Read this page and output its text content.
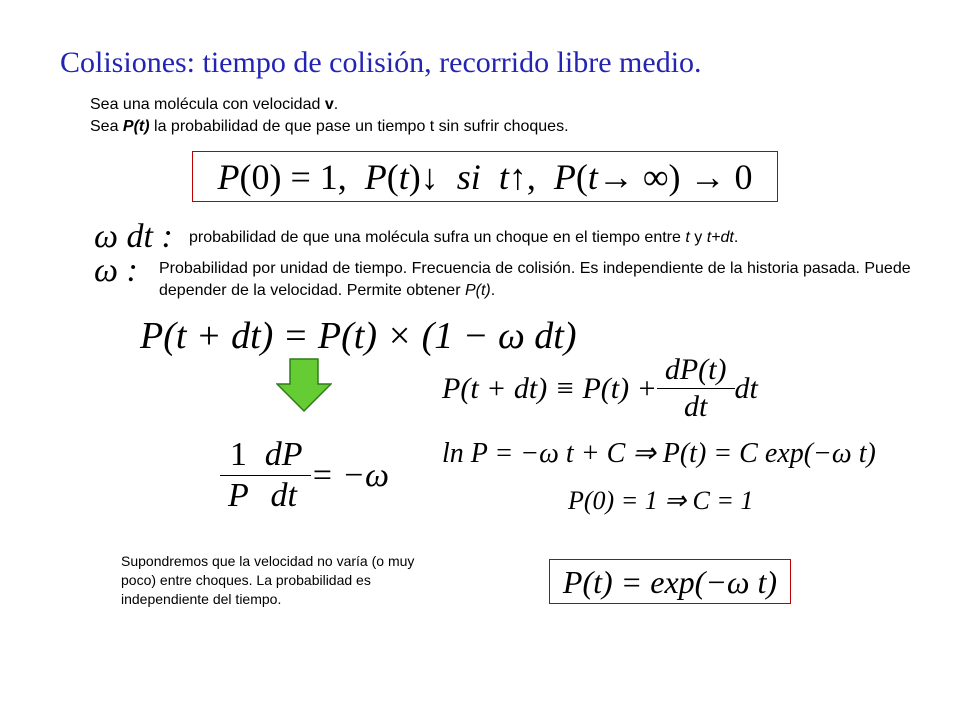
Colisiones: tiempo de colisión, recorrido libre medio.
Sea una molécula con velocidad v.
Sea P(t) la probabilidad de que pase un tiempo t sin sufrir choques.
P (0) = 1,
P ( t ) ↓
si
t ↑,
P ( t → ∞) → 0
ω dt : probabilidad de que una molécula sufra un choque en el tiempo entre t y t+dt.
ω : Probabilidad por unidad de tiempo. Frecuencia de colisión. Es independiente de la historia pasada. Puede depender de la velocidad. Permite obtener P(t).
P(t + dt) = P(t) × (1 − ω dt)
$P(t + dt) \equiv P(t) + \frac{dP(t)}{dt}$ dt
$\frac{1}{P} \frac{dP}{dt} = -\omega$
ln P = −ω t + C ⇒ P(t) = C exp(−ω t)
P(0) = 1 ⇒ C = 1
Supondremos que la velocidad no varía (o muy poco) entre choques. La probabilidad es independiente del tiempo.	P(t) = exp(−ω t)
